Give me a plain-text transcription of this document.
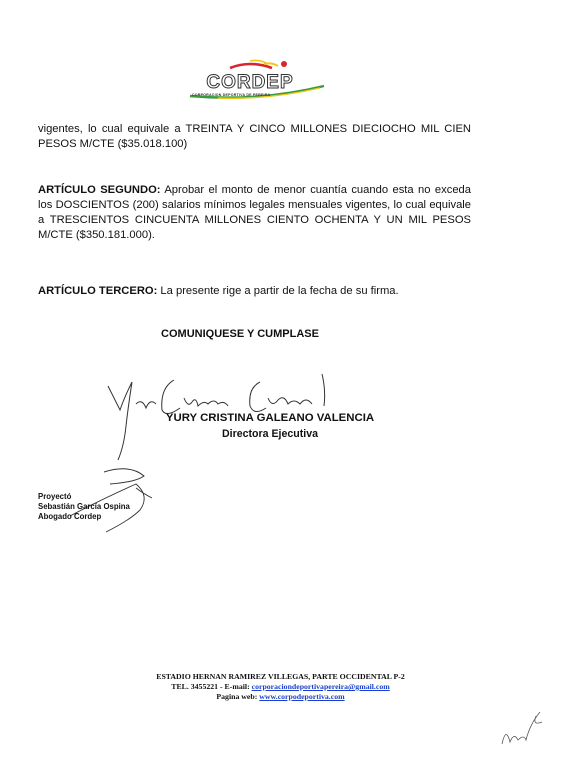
CORDEP
CORPORACION DEPORTIVA DE PEREIRA
vigentes, lo cual equivale a TREINTA Y CINCO MILLONES DIECIOCHO MIL CIEN PESOS M/CTE ($35.018.100)
ARTÍCULO SEGUNDO: Aprobar el monto de menor cuantía cuando esta no exceda los DOSCIENTOS (200) salarios mínimos legales mensuales vigentes, lo cual equivale a TRESCIENTOS CINCUENTA MILLONES CIENTO OCHENTA Y UN MIL PESOS M/CTE ($350.181.000).
ARTÍCULO TERCERO: La presente rige a partir de la fecha de su firma.
COMUNIQUESE Y CUMPLASE
YURY CRISTINA GALEANO VALENCIA
Directora Ejecutiva
Proyectó
Sebastián García Ospina
Abogado Cordep
ESTADIO HERNAN RAMIREZ VILLEGAS, PARTE OCCIDENTAL P-2
TEL. 3455221 - E-mail: corporaciondeportivapereira@gmail.com
Pagina web: www.corpodeportiva.com
